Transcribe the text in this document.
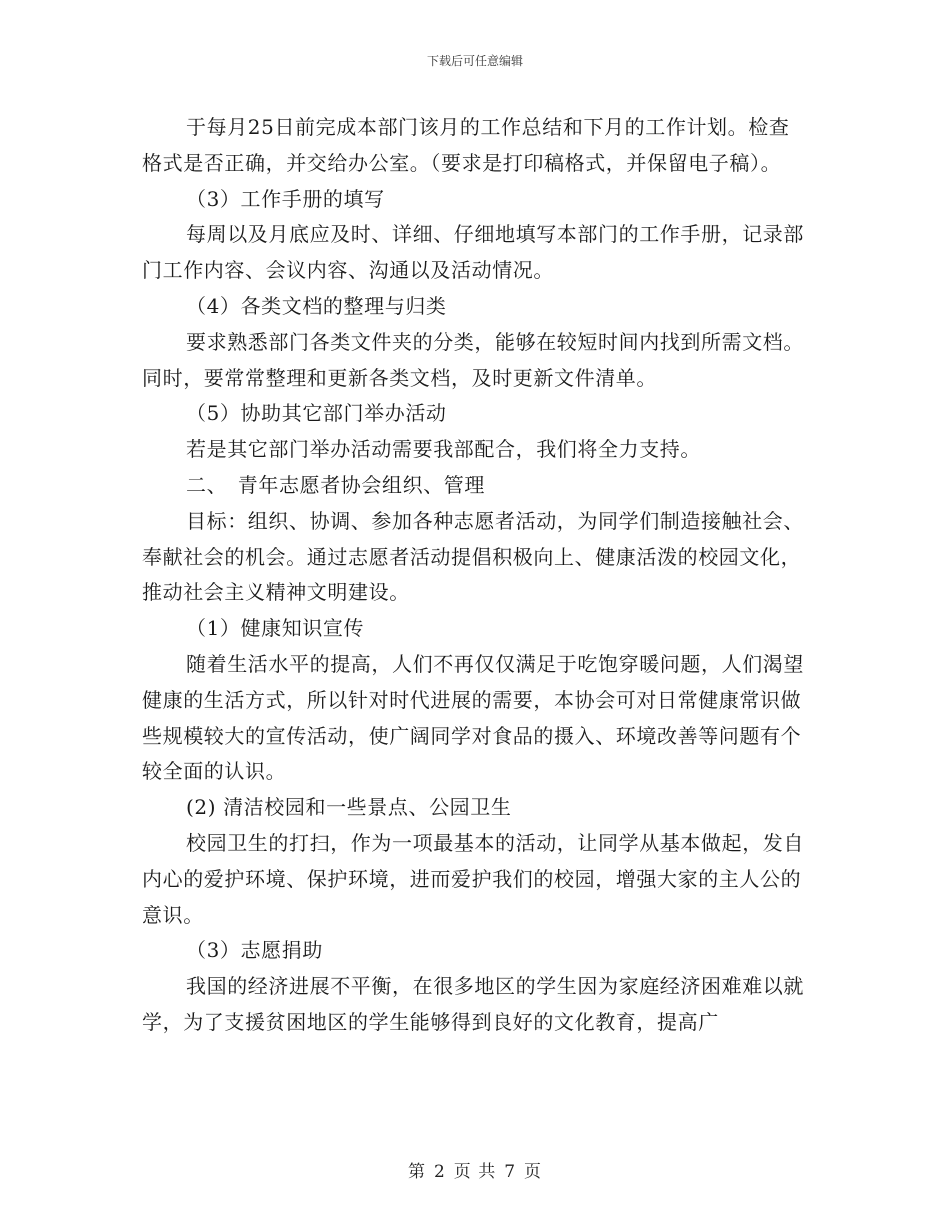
下载后可任意编辑

于每月25日前完成本部门该月的工作总结和下月的工作计划。检查格式是否正确，并交给办公室。（要求是打印稿格式，并保留电子稿）。

（3）工作手册的填写

每周以及月底应及时、详细、仔细地填写本部门的工作手册，记录部门工作内容、会议内容、沟通以及活动情况。

（4）各类文档的整理与归类

要求熟悉部门各类文件夹的分类，能够在较短时间内找到所需文档。同时，要常常整理和更新各类文档，及时更新文件清单。

（5）协助其它部门举办活动

若是其它部门举办活动需要我部配合，我们将全力支持。

二、　青年志愿者协会组织、管理

目标：组织、协调、参加各种志愿者活动，为同学们制造接触社会、奉献社会的机会。通过志愿者活动提倡积极向上、健康活泼的校园文化，推动社会主义精神文明建设。

（1）健康知识宣传

随着生活水平的提高，人们不再仅仅满足于吃饱穿暖问题，人们渴望健康的生活方式，所以针对时代进展的需要，本协会可对日常健康常识做些规模较大的宣传活动，使广阔同学对食品的摄入、环境改善等问题有个较全面的认识。

(2) 清洁校园和一些景点、公园卫生

校园卫生的打扫，作为一项最基本的活动，让同学从基本做起，发自内心的爱护环境、保护环境，进而爱护我们的校园，增强大家的主人公的意识。

（3）志愿捐助

我国的经济进展不平衡，在很多地区的学生因为家庭经济困难难以就学，为了支援贫困地区的学生能够得到良好的文化教育，提高广

第 2 页 共 7 页
